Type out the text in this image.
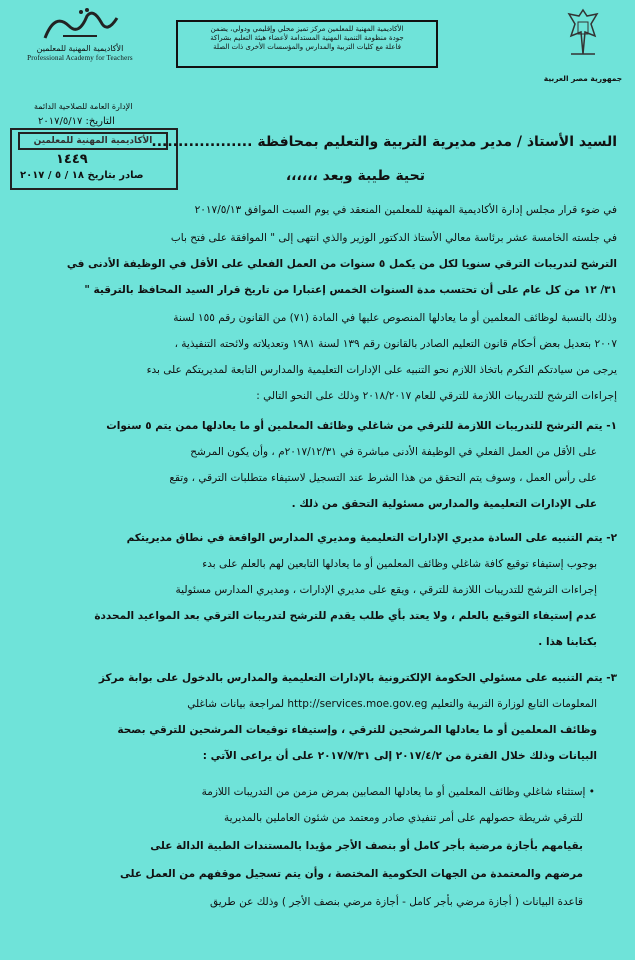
الأكاديمية المهنية للمعلمين
Professional Academy for Teachers
الأكاديمية المهنية للمعلمين مركز تميز محلي وإقليمي ودولي، يضمن
جودة منظومة التنمية المهنية المستدامة لأعضاء هيئة التعليم بشراكة
فاعلة مع كليات التربية والمدارس والمؤسسات الأخرى ذات الصلة
جمهورية مصر العربية
الإدارة العامة للصلاحية الدائمة
التاريخ: ٢٠١٧/٥/١٧
الأكاديمية المهنية للمعلمين
١٤٤٩
صادر بتاريخ ١٨ / ٥ / ٢٠١٧
السيد الأستاذ / مدير مديرية التربية والتعليم بمحافظة ...................
تحية طيبة وبعد ،،،،،،
في ضوء قرار مجلس إدارة الأكاديمية المهنية للمعلمين المنعقد في يوم السبت الموافق ٢٠١٧/٥/١٣
في جلسته الخامسة عشر برئاسة معالي الأستاذ الدكتور الوزير والذي انتهى إلى " الموافقة على فتح باب
الترشح لتدريبات الترقي سنويا لكل من يكمل ٥ سنوات من العمل الفعلي على الأقل في الوظيفة الأدنى في
٣١/ ١٢ من كل عام على أن تحتسب مدة السنوات الخمس إعتبارا من تاريخ قرار السيد المحافظ بالترقية "
وذلك بالنسبة لوظائف المعلمين أو ما يعادلها المنصوص عليها في المادة (٧١) من القانون رقم ١٥٥ لسنة
٢٠٠٧ بتعديل بعض أحكام قانون التعليم الصادر بالقانون رقم ١٣٩ لسنة ١٩٨١ وتعديلاته ولائحته التنفيذية ،
يرجى من سيادتكم التكرم باتخاذ اللازم نحو التنبيه على الإدارات التعليمية والمدارس التابعة لمديريتكم على بدء
إجراءات الترشح للتدريبات اللازمة للترقي للعام ٢٠١٨/٢٠١٧ وذلك على النحو التالي :
١- يتم الترشح للتدريبات اللازمة للترقي من شاغلي وظائف المعلمين أو ما يعادلها ممن يتم ٥ سنوات
على الأقل من العمل الفعلي في الوظيفة الأدنى مباشرة في ٢٠١٧/١٢/٣١م ، وأن يكون المرشح
على رأس العمل ، وسوف يتم التحقق من هذا الشرط عند التسجيل لاستيفاء متطلبات الترقي ، وتقع
على الإدارات التعليمية والمدارس مسئولية التحقق من ذلك .
٢- يتم التنبيه على السادة مديري الإدارات التعليمية ومديري المدارس الواقعة في نطاق مديريتكم
بوجوب إستيفاء توقيع كافة شاغلي وظائف المعلمين أو ما يعادلها التابعين لهم بالعلم على بدء
إجراءات الترشح للتدريبات اللازمة للترقي ، ويقع على مديري الإدارات ، ومديري المدارس مسئولية
عدم إستيفاء التوقيع بالعلم ، ولا يعتد بأي طلب يقدم للترشح لتدريبات الترقي بعد المواعيد المحددة
بكتابنا هذا .
٣- يتم التنبيه على مسئولي الحكومة الإلكترونية بالإدارات التعليمية والمدارس بالدخول على بوابة مركز
المعلومات التابع لوزارة التربية والتعليم http://services.moe.gov.eg لمراجعة بيانات شاغلي
وظائف المعلمين أو ما يعادلها المرشحين للترقي ، وإستيفاء توقيعات المرشحين للترقي بصحة
البيانات وذلك خلال الفترة من ٢٠١٧/٤/٢ إلى ٢٠١٧/٧/٣١ على أن يراعى الآتي :
• إستثناء شاغلي وظائف المعلمين أو ما يعادلها المصابين بمرض مزمن من التدريبات اللازمة
للترقي شريطة حصولهم على أمر تنفيذي صادر ومعتمد من شئون العاملين بالمديرية
بقيامهم بأجازة مرضية بأجر كامل أو بنصف الأجر مؤيدا بالمستندات الطبية الدالة على
مرضهم والمعتمدة من الجهات الحكومية المختصة ، وأن يتم تسجيل موقفهم من العمل على
قاعدة البيانات ( أجازة مرضي بأجر كامل - أجازة مرضي بنصف الأجر ) وذلك عن طريق
